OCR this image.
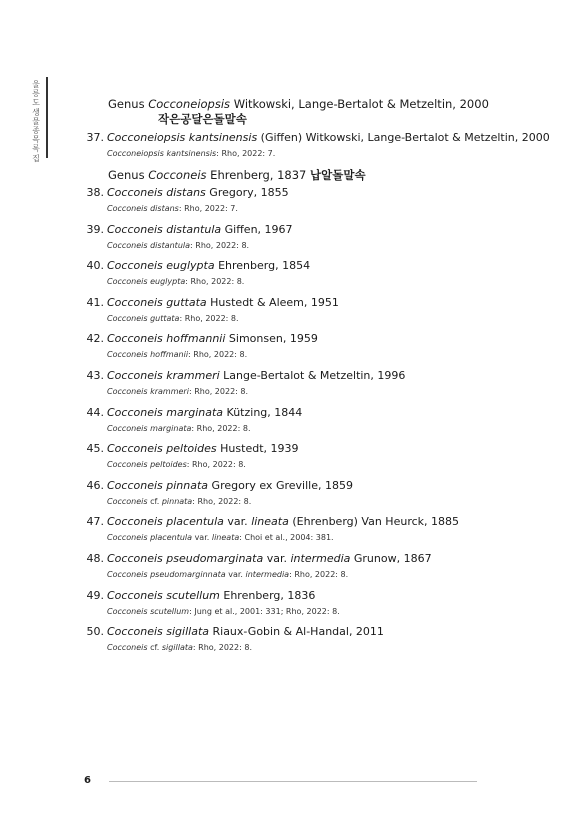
울릉도 생물종 목록집
Genus Cocconeiopsis Witkowski, Lange-Bertalot & Metzeltin, 2000
작은공달은돌말속
37. Cocconeiopsis kantsinensis (Giffen) Witkowski, Lange-Bertalot & Metzeltin, 2000
Cocconeiopsis kantsinensis: Rho, 2022: 7.
Genus Cocconeis Ehrenberg, 1837 납알돌말속
38. Cocconeis distans Gregory, 1855
Cocconeis distans: Rho, 2022: 7.
39. Cocconeis distantula Giffen, 1967
Cocconeis distantula: Rho, 2022: 8.
40. Cocconeis euglypta Ehrenberg, 1854
Cocconeis euglypta: Rho, 2022: 8.
41. Cocconeis guttata Hustedt & Aleem, 1951
Cocconeis guttata: Rho, 2022: 8.
42. Cocconeis hoffmannii Simonsen, 1959
Cocconeis hoffmanii: Rho, 2022: 8.
43. Cocconeis krammeri Lange-Bertalot & Metzeltin, 1996
Cocconeis krammeri: Rho, 2022: 8.
44. Cocconeis marginata Kützing, 1844
Cocconeis marginata: Rho, 2022: 8.
45. Cocconeis peltoides Hustedt, 1939
Cocconeis peltoides: Rho, 2022: 8.
46. Cocconeis pinnata Gregory ex Greville, 1859
Cocconeis cf. pinnata: Rho, 2022: 8.
47. Cocconeis placentula var. lineata (Ehrenberg) Van Heurck, 1885
Cocconeis placentula var. lineata: Choi et al., 2004: 381.
48. Cocconeis pseudomarginata var. intermedia Grunow, 1867
Cocconeis pseudomarginnata var. intermedia: Rho, 2022: 8.
49. Cocconeis scutellum Ehrenberg, 1836
Cocconeis scutellum: Jung et al., 2001: 331; Rho, 2022: 8.
50. Cocconeis sigillata Riaux-Gobin & Al-Handal, 2011
Cocconeis cf. sigillata: Rho, 2022: 8.
6
